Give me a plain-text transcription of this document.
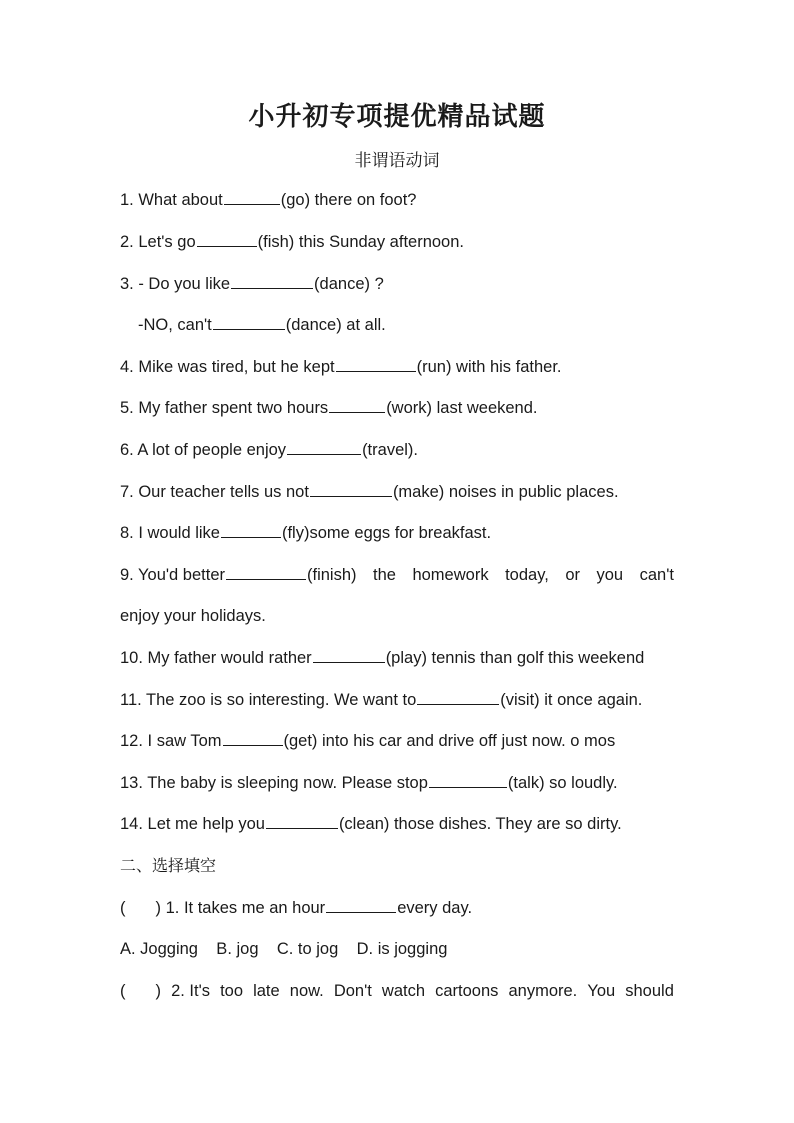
小升初专项提优精品试题
非谓语动词
1. What about	(go) there on foot?
2. Let's go	(fish) this Sunday afternoon.
3. - Do you like	(dance) ?
-NO, can't	(dance) at all.
4. Mike was tired, but he kept	(run) with his father.
5. My father spent two hours	(work) last weekend.
6. A lot of people enjoy	(travel).
7. Our teacher tells us not	(make) noises in public places.
8. I would like	(fly)some eggs for breakfast.
9. You'd better	(finish) the homework today, or you can't
enjoy your holidays.
10. My father would rather	(play) tennis than golf this weekend
11. The zoo is so interesting. We want to	(visit) it once again.
12. I saw Tom	(get) into his car and drive off just now. o mos
13. The baby is sleeping now. Please stop	(talk) so loudly.
14. Let me help you	(clean) those dishes. They are so dirty.
二、选择填空
( ) 1. It takes me an hour	every day.
A. Jogging    B. jog    C. to jog    D. is jogging
( ) 2. It's too late now. Don't watch cartoons anymore. You should
